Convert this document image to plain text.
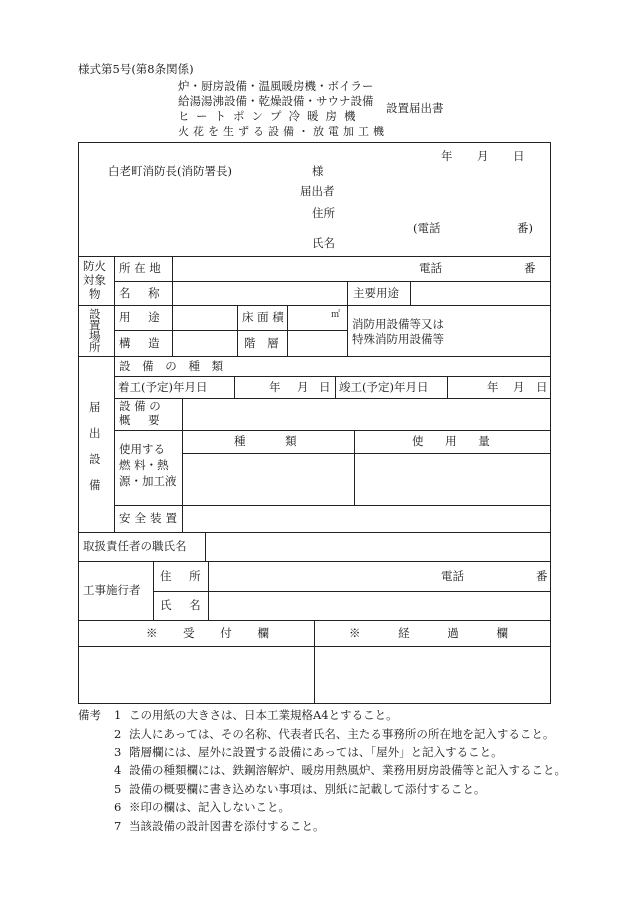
様式第5号(第8条関係)
炉・厨房設備・温風暖房機・ボイラー
給湯湯沸設備・乾燥設備・サウナ設備
ヒートポンプ冷暖房機
火花を生ずる設備・放電加工機
設置届出書
年 月 日
白老町消防長(消防署長)	様
届出者
住所
(電話	番)
氏名
防火
対象
物
所 在 地	電話	番
名 称	主要用途
設
置
場
所
用 途	床 面 積	㎡
消防用設備等又は
特殊消防用設備等
構 造	階 層
届
出
設
備
設 備 の 種 類
着工(予定)年月日	年 月 日 竣工(予定)年月日	年 月 日
設 備 の
概 要
使用する
燃 料・熱
源・加工液
種 類	使 用 量
安全装置
取扱責任者の職氏名
工事施行者
住 所	電話	番
氏 名
※ 受 付 欄	※ 経 過 欄
備考 1 この用紙の大きさは、日本工業規格A4とすること。
2 法人にあっては、その名称、代表者氏名、主たる事務所の所在地を記入すること。
3 階層欄には、屋外に設置する設備にあっては、「屋外」と記入すること。
4 設備の種類欄には、鉄鋼溶解炉、暖房用熱風炉、業務用厨房設備等と記入すること。
5 設備の概要欄に書き込めない事項は、別紙に記載して添付すること。
6 ※印の欄は、記入しないこと。
7 当該設備の設計図書を添付すること。
